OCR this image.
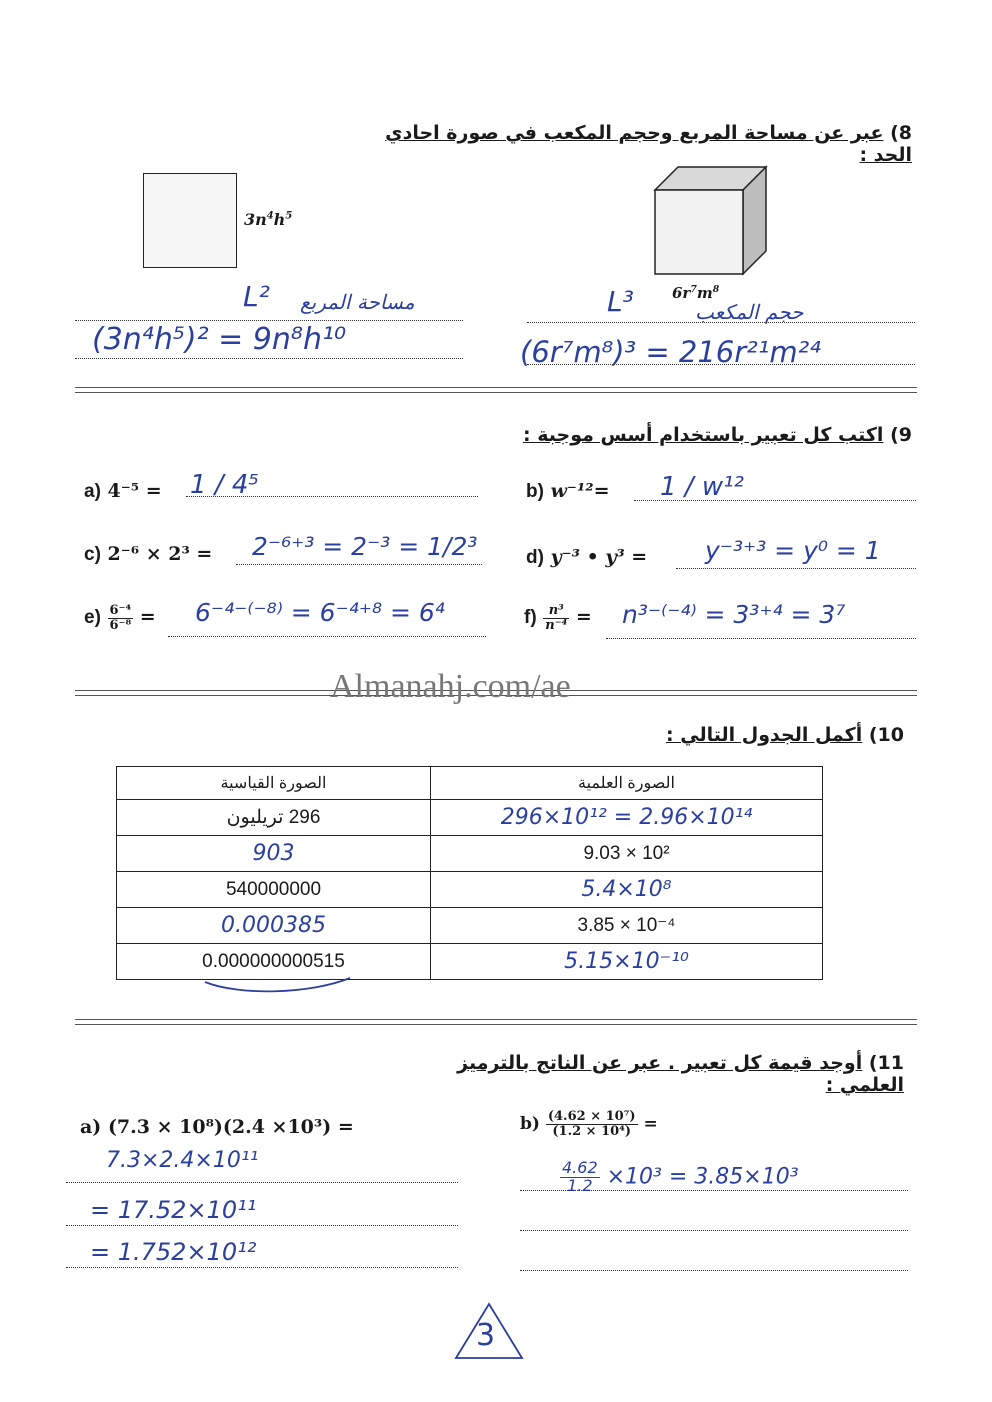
8) عبر عن مساحة المربع وحجم المكعب في صورة احادي الحد :
$3n^4h^5$
$6r^7m^8$
L² مساحة المربع
(3n⁴h⁵)² = 9n⁸h¹⁰
L³	حجم المكعب
(6r⁷m⁸)³ = 216r²¹m²⁴
9) اكتب كل تعبير باستخدام أسس موجبة :
a) 4⁻⁵ = 1 / 4⁵	b) w⁻¹²= 1 / w¹²
c) 2⁻⁶ × 2³ = 2⁻⁶⁺³ = 2⁻³ = 1/2³	d) y⁻³ • y³ = y⁻³⁺³ = y⁰ = 1
$e) \frac{\text{6⁻⁴}}{\text{6⁻⁸}} = 6^{-4-(-8)} = 6^{-4+8} = 6^4$	$f) \frac{\text{n³}}{\text{n⁻⁴}} = n^{3-(-4)} = 3^{3+4} = 3^7$
Almanahj.com/ae
10) أكمل الجدول التالي :
الصورة القياسية	الصورة العلمية
296 تريليون	296×10¹² = 2.96×10¹⁴
903	9.03 × 10²
540000000	5.4×10⁸
0.000385	3.85 × 10⁻⁴
0.000000000515	5.15×10⁻¹⁰
11) أوجد قيمة كل تعبير . عبر عن الناتج بالترميز العلمي :
a) (7.3 × 10⁸)(2.4 ×10³) =
7.3×2.4×10¹¹
= 17.52×10¹¹
= 1.752×10¹²
$b) \frac{\text{(4.62 × 10⁷)}}{\text{(1.2 × 10⁴)}}$ =
$\frac{4.62}{1.2} \times 10^3 = 3.85\times 10^3$
3
